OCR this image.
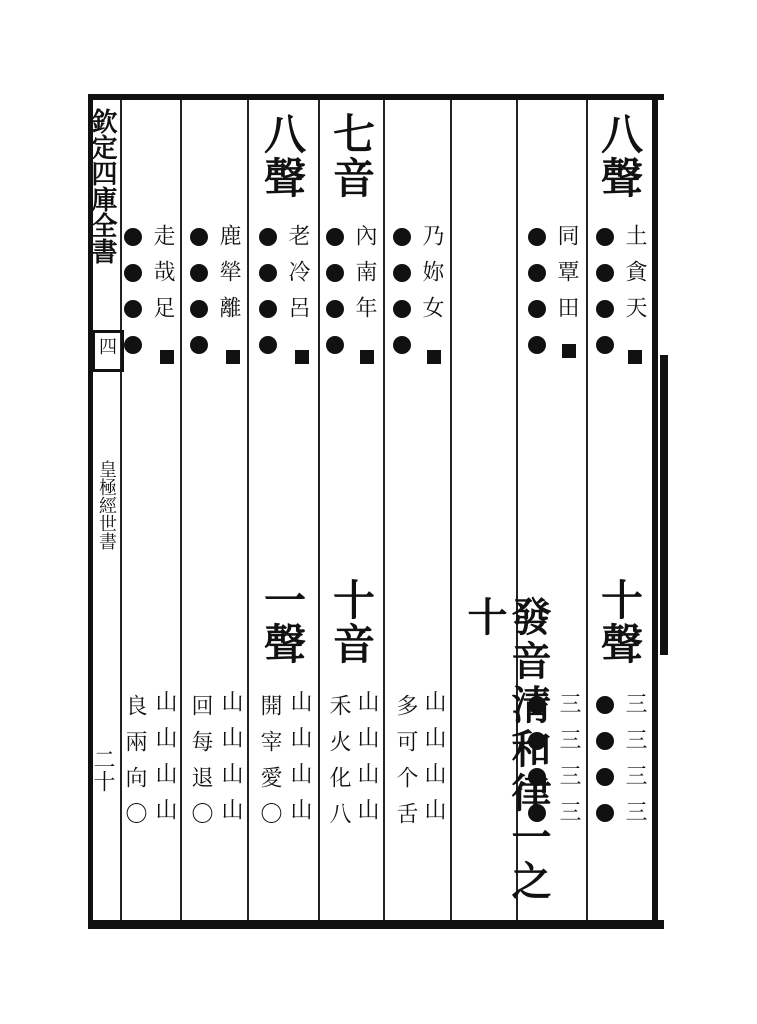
欽定四庫全書
四
皇極經世書
二十
八聲
土貪天
十聲
三三三三
同覃田
三三三三
發音清和律一之十
乃妳女
山山山山
多可个舌
七音
內南年
十音
山山山山
禾火化八
八聲
老冷呂
一聲
山山山山
開宰愛〇
鹿犖離
山山山山
回每退〇
走哉足
山山山山
良兩向〇
